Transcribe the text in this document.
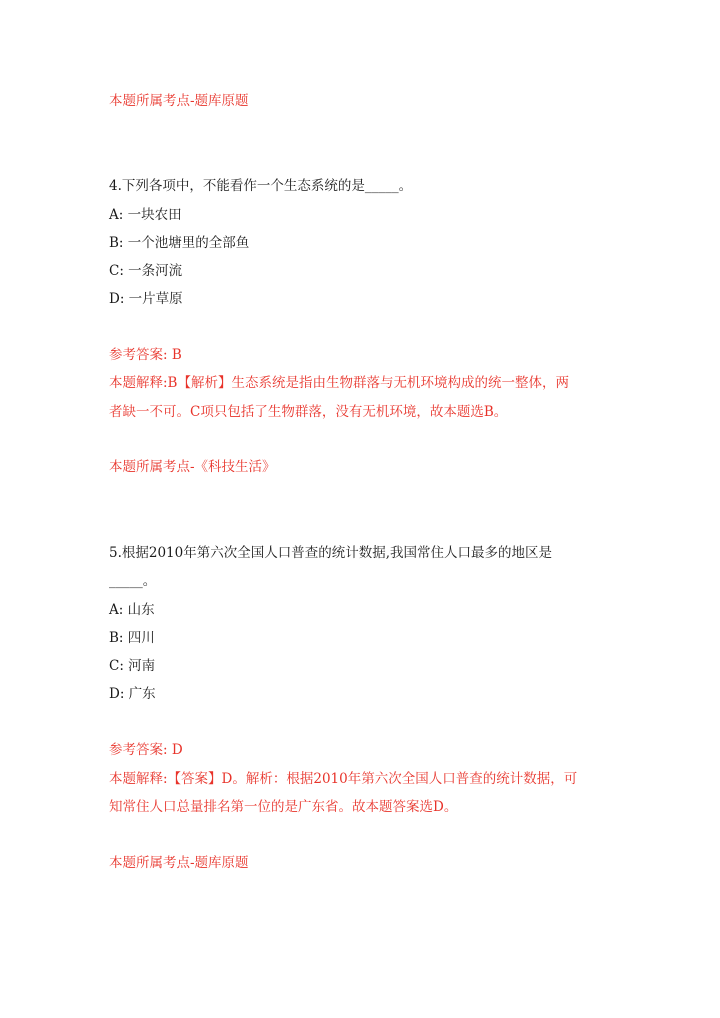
本题所属考点-题库原题
4.下列各项中，不能看作一个生态系统的是_____。
A: 一块农田
B: 一个池塘里的全部鱼
C: 一条河流
D: 一片草原
参考答案: B
本题解释:B【解析】生态系统是指由生物群落与无机环境构成的统一整体，两
者缺一不可。C项只包括了生物群落，没有无机环境，故本题选B。
本题所属考点-《科技生活》
5.根据2010年第六次全国人口普查的统计数据,我国常住人口最多的地区是
_____。
A: 山东
B: 四川
C: 河南
D: 广东
参考答案: D
本题解释:【答案】D。解析：根据2010年第六次全国人口普查的统计数据，可
知常住人口总量排名第一位的是广东省。故本题答案选D。
本题所属考点-题库原题
